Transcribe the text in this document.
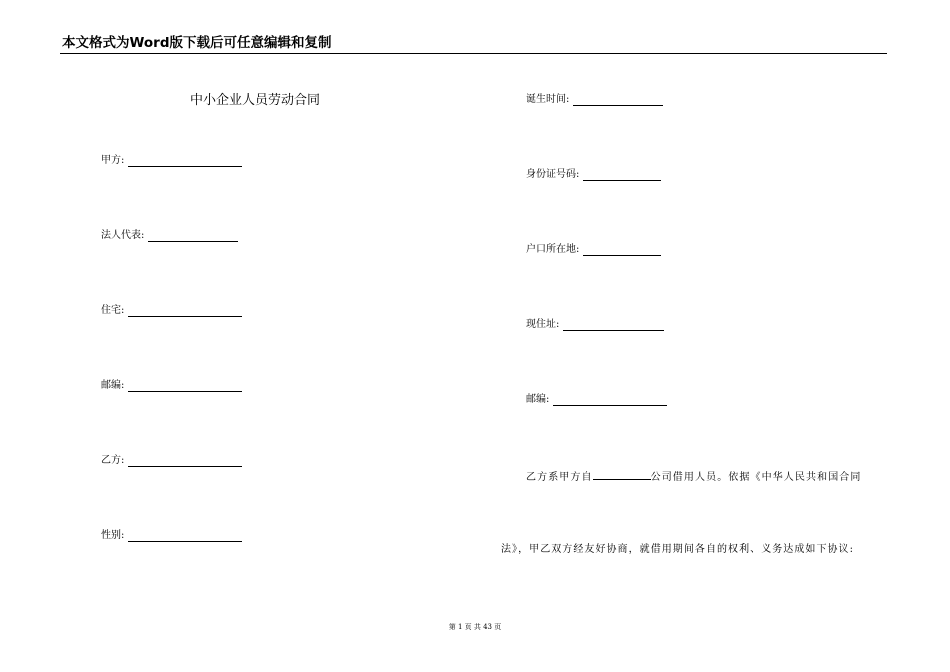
本文格式为Word版下载后可任意编辑和复制
中小企业人员劳动合同
甲方:
法人代表:
住宅:
邮编:
乙方:
性别:
诞生时间:
身份证号码:
户口所在地:
现住址:
邮编:
乙方系甲方自	公司借用人员。依据《中华人民共和国合同
法》，甲乙双方经友好协商，就借用期间各自的权利、义务达成如下协议:
第 1 页 共 43 页
